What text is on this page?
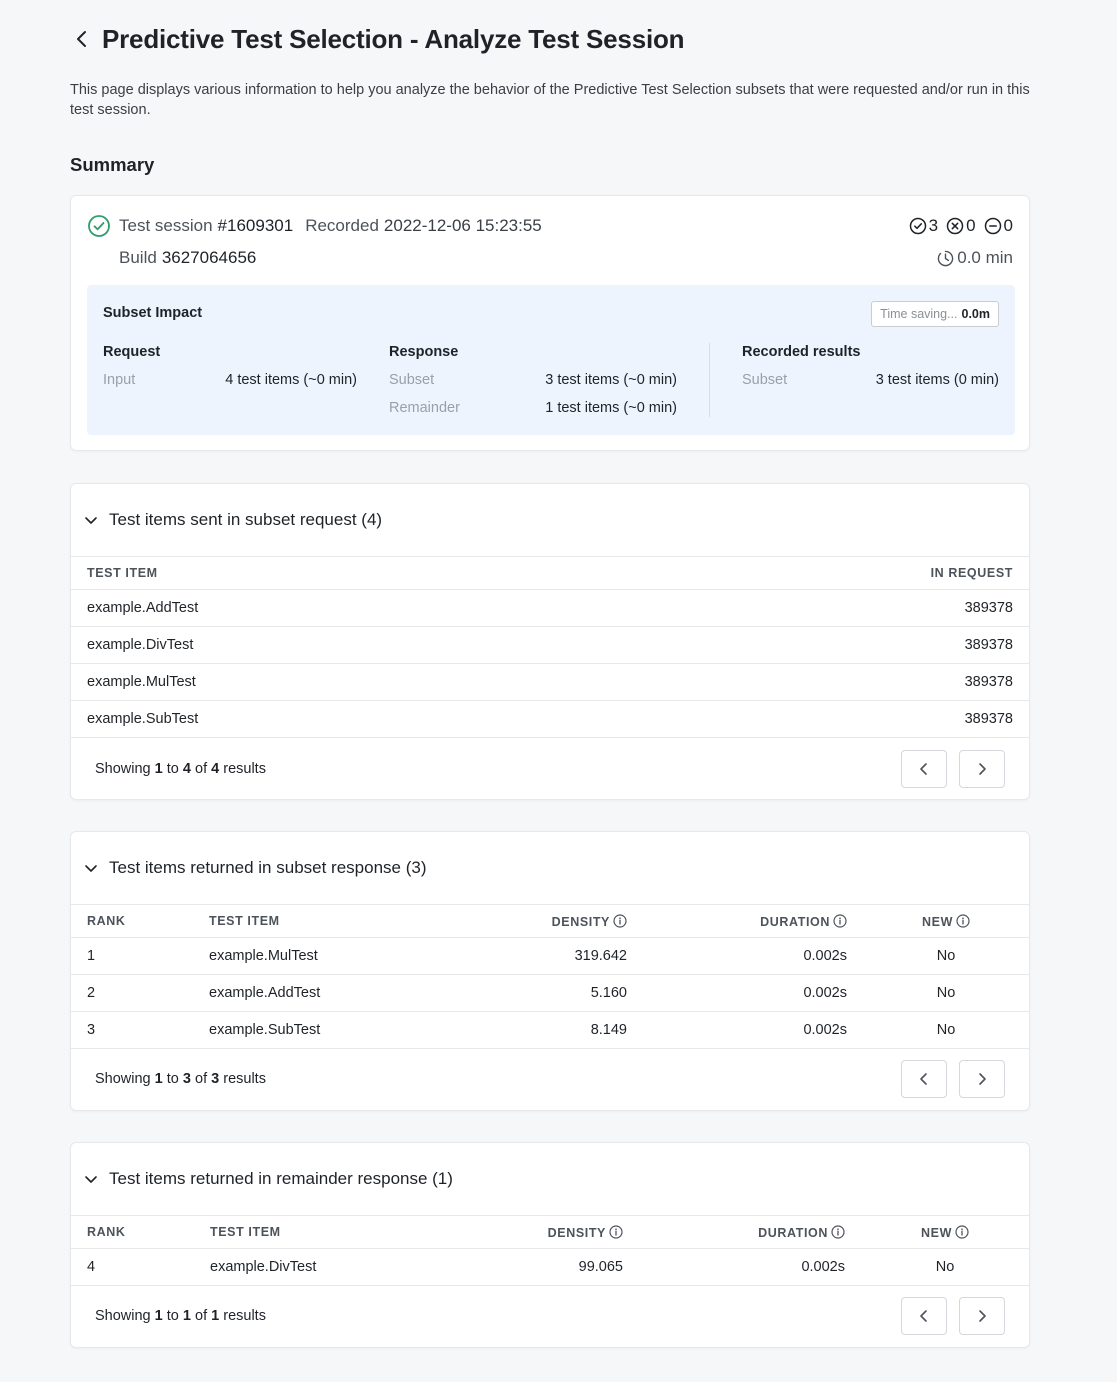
Predictive Test Selection - Analyze Test Session

This page displays various information to help you analyze the behavior of the Predictive Test Selection subsets that were requested and/or run in this test session.

Summary
Test session #1609301 Recorded 2022-12-06 15:23:55	3 0 0
Build 3627064656	0.0 min
Subset Impact	Time saving... 0.0m
Request
Input	4 test items (~0 min)
Response
Subset	3 test items (~0 min)
Remainder	1 test items (~0 min)
Recorded results
Subset	3 test items (0 min)
Test items sent in subset request (4)
TEST ITEM	IN REQUEST
example.AddTest	389378
example.DivTest	389378
example.MulTest	389378
example.SubTest	389378
Showing 1 to 4 of 4 results
Test items returned in subset response (3)
RANK	TEST ITEM	DENSITY	DURATION	NEW
1	example.MulTest	319.642	0.002s	No
2	example.AddTest	5.160	0.002s	No
3	example.SubTest	8.149	0.002s	No
Showing 1 to 3 of 3 results
Test items returned in remainder response (1)
RANK	TEST ITEM	DENSITY	DURATION	NEW
4	example.DivTest	99.065	0.002s	No
Showing 1 to 1 of 1 results
